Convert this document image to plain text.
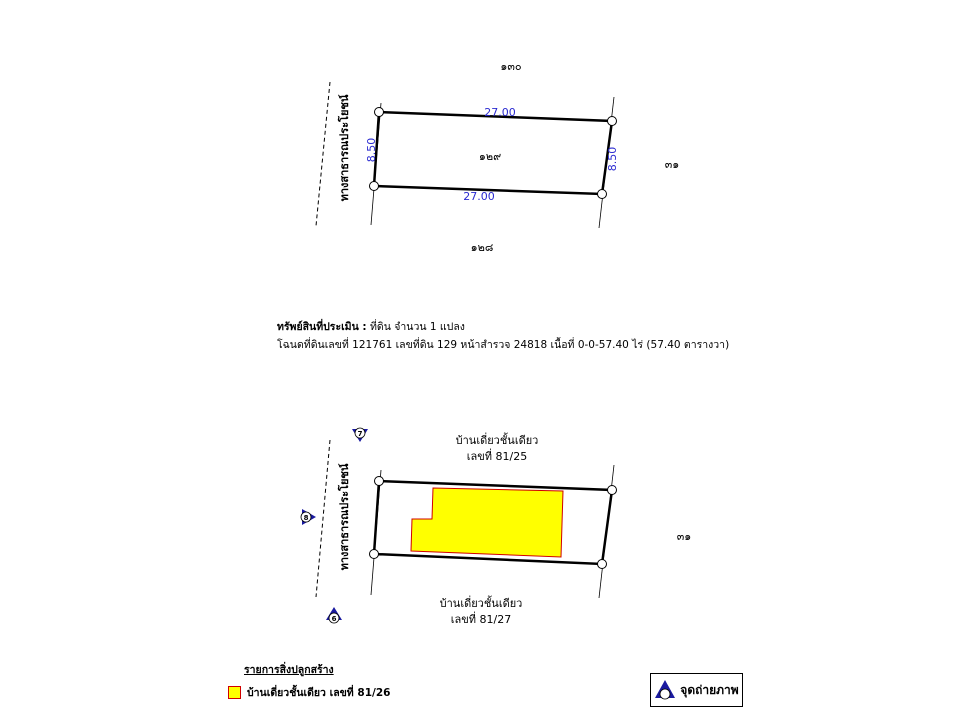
๑๓๐
๑๒๘
๓๑
๑๒๙
27.00
27.00
8.50	8.50
ทางสาธารณประโยชน์
บ้านเดี่ยวชั้นเดียว
เลขที่ 81/25
บ้านเดี่ยวชั้นเดียว
เลขที่ 81/27
๓๑
ทางสาธารณประโยชน์
7
8
6
ทรัพย์สินที่ประเมิน : ที่ดิน จำนวน 1 แปลง
โฉนดที่ดินเลขที่ 121761 เลขที่ดิน 129 หน้าสำรวจ 24818 เนื้อที่ 0-0-57.40 ไร่ (57.40 ตารางวา)
รายการสิ่งปลูกสร้าง
บ้านเดี่ยวชั้นเดียว เลขที่ 81/26	จุดถ่ายภาพ
